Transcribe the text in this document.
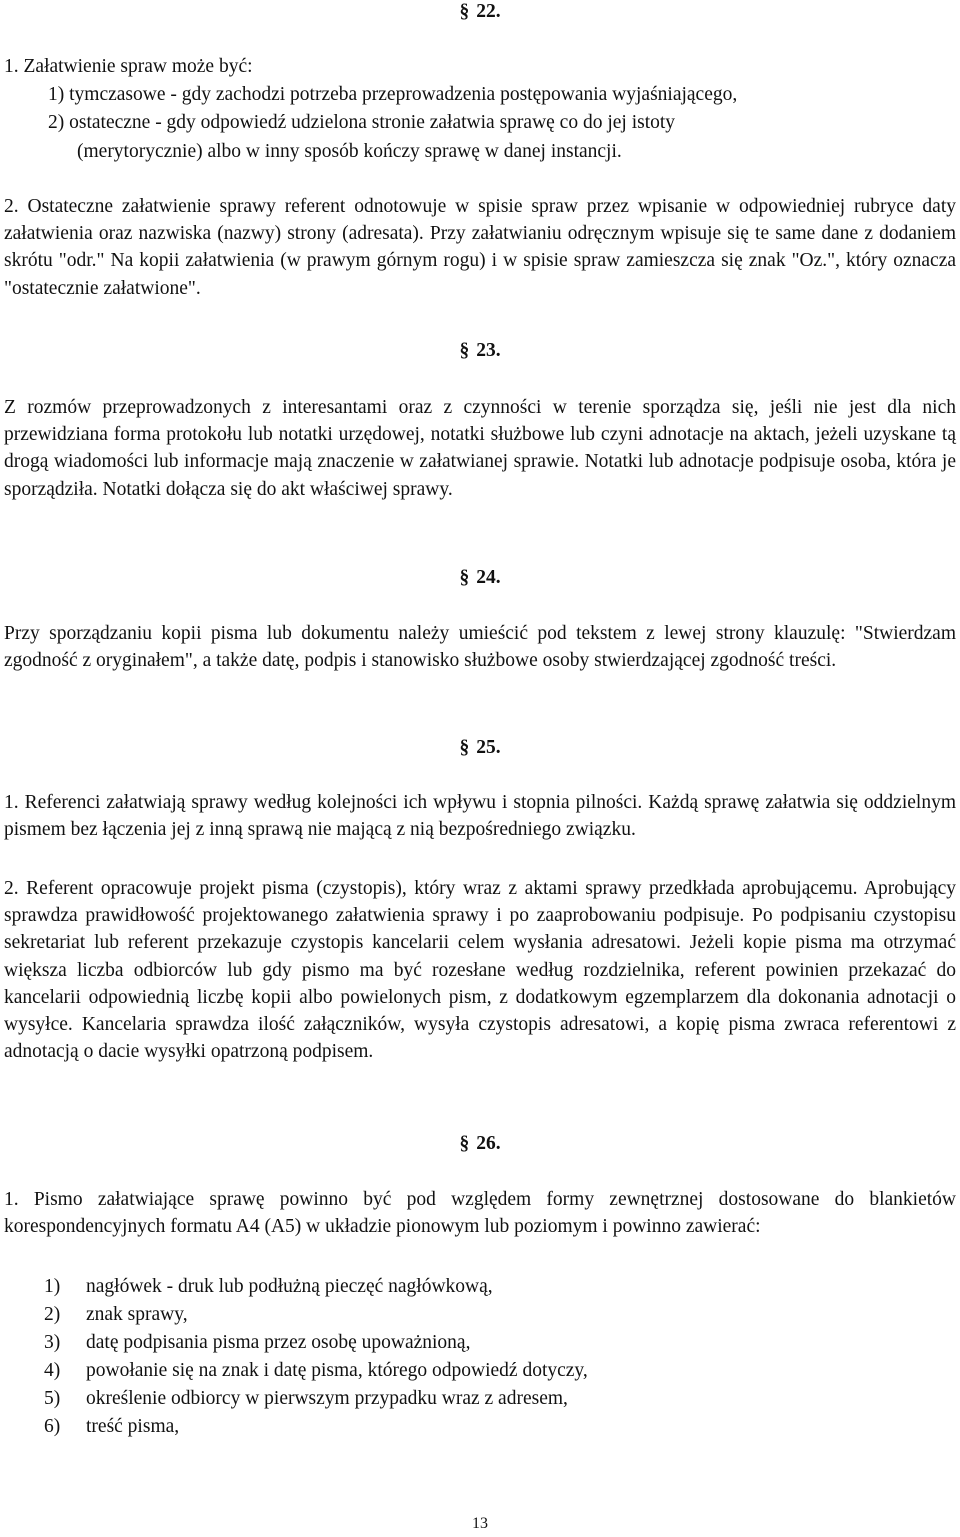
§ 22.
1. Załatwienie spraw może być:
1) tymczasowe - gdy zachodzi potrzeba przeprowadzenia postępowania wyjaśniającego,
2) ostateczne - gdy odpowiedź udzielona stronie załatwia sprawę co do jej istoty
(merytorycznie) albo w inny sposób kończy sprawę w danej instancji.

2. Ostateczne załatwienie sprawy referent odnotowuje w spisie spraw przez wpisanie w odpowiedniej rubryce daty załatwienia oraz nazwiska (nazwy) strony (adresata). Przy załatwianiu odręcznym wpisuje się te same dane z dodaniem skrótu "odr." Na kopii załatwienia (w prawym górnym rogu) i w spisie spraw zamieszcza się znak "Oz.", który oznacza "ostatecznie załatwione".

§ 23.

Z rozmów przeprowadzonych z interesantami oraz z czynności w terenie sporządza się, jeśli nie jest dla nich przewidziana forma protokołu lub notatki urzędowej, notatki służbowe lub czyni adnotacje na aktach, jeżeli uzyskane tą drogą wiadomości lub informacje mają znaczenie w załatwianej sprawie. Notatki lub adnotacje podpisuje osoba, która je sporządziła. Notatki dołącza się do akt właściwej sprawy.

§ 24.

Przy sporządzaniu kopii pisma lub dokumentu należy umieścić pod tekstem z lewej strony klauzulę: "Stwierdzam zgodność z oryginałem", a także datę, podpis i stanowisko służbowe osoby stwierdzającej zgodność treści.

§ 25.

1. Referenci załatwiają sprawy według kolejności ich wpływu i stopnia pilności. Każdą sprawę załatwia się oddzielnym pismem bez łączenia jej z inną sprawą nie mającą z nią bezpośredniego związku.

2. Referent opracowuje projekt pisma (czystopis), który wraz z aktami sprawy przedkłada aprobującemu. Aprobujący sprawdza prawidłowość projektowanego załatwienia sprawy i po zaaprobowaniu podpisuje. Po podpisaniu czystopisu sekretariat lub referent przekazuje czystopis kancelarii celem wysłania adresatowi. Jeżeli kopie pisma ma otrzymać większa liczba odbiorców lub gdy pismo ma być rozesłane według rozdzielnika, referent powinien przekazać do kancelarii odpowiednią liczbę kopii albo powielonych pism, z dodatkowym egzemplarzem dla dokonania adnotacji o wysyłce. Kancelaria sprawdza ilość załączników, wysyła czystopis adresatowi, a kopię pisma zwraca referentowi z adnotacją o dacie wysyłki opatrzoną podpisem.

§ 26.

1. Pismo załatwiające sprawę powinno być pod względem formy zewnętrznej dostosowane do blankietów korespondencyjnych formatu A4 (A5) w układzie pionowym lub poziomym i powinno zawierać:

1) nagłówek - druk lub podłużną pieczęć nagłówkową,
2) znak sprawy,
3) datę podpisania pisma przez osobę upoważnioną,
4) powołanie się na znak i datę pisma, którego odpowiedź dotyczy,
5) określenie odbiorcy w pierwszym przypadku wraz z adresem,
6) treść pisma,
13
